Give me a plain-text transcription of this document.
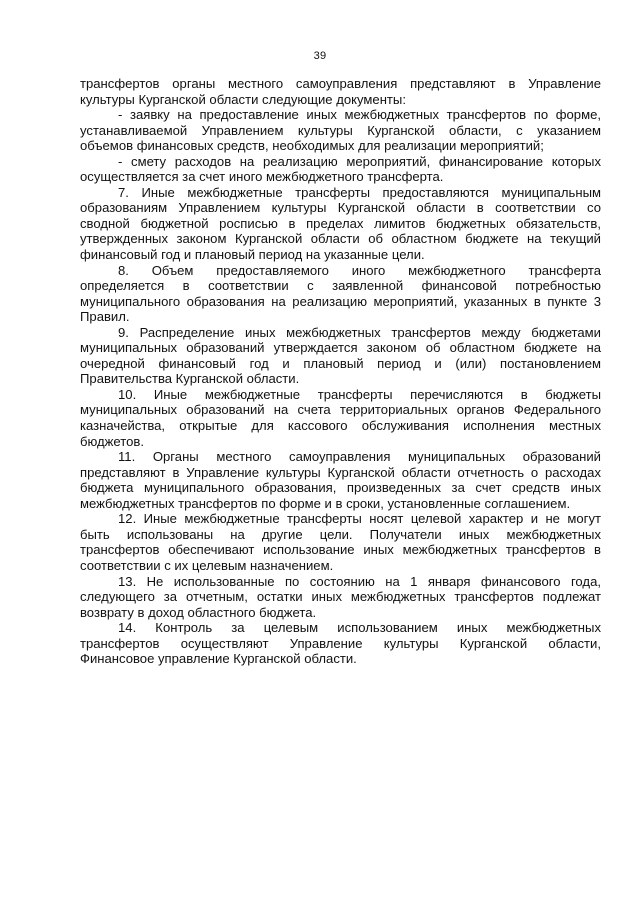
39
трансфертов органы местного самоуправления представляют в Управление
культуры Курганской области следующие документы:
- заявку на предоставление иных межбюджетных трансфертов по форме,
устанавливаемой Управлением культуры Курганской области, с указанием
объемов финансовых средств, необходимых для реализации мероприятий;
- смету расходов на реализацию мероприятий, финансирование которых
осуществляется за счет иного межбюджетного трансферта.
7. Иные межбюджетные трансферты предоставляются муниципальным
образованиям Управлением культуры Курганской области в соответствии со
сводной бюджетной росписью в пределах лимитов бюджетных обязательств,
утвержденных законом Курганской области об областном бюджете на текущий
финансовый год и плановый период на указанные цели.
8. Объем предоставляемого иного межбюджетного трансферта
определяется в соответствии с заявленной финансовой потребностью
муниципального образования на реализацию мероприятий, указанных в пункте 3
Правил.
9. Распределение иных межбюджетных трансфертов между бюджетами
муниципальных образований утверждается законом об областном бюджете на
очередной финансовый год и плановый период и (или) постановлением
Правительства Курганской области.
10. Иные межбюджетные трансферты перечисляются в бюджеты
муниципальных образований на счета территориальных органов Федерального
казначейства, открытые для кассового обслуживания исполнения местных
бюджетов.
11. Органы местного самоуправления муниципальных образований
представляют в Управление культуры Курганской области отчетность о расходах
бюджета муниципального образования, произведенных за счет средств иных
межбюджетных трансфертов по форме и в сроки, установленные соглашением.
12. Иные межбюджетные трансферты носят целевой характер и не могут
быть использованы на другие цели. Получатели иных межбюджетных
трансфертов обеспечивают использование иных межбюджетных трансфертов в
соответствии с их целевым назначением.
13. Не использованные по состоянию на 1 января финансового года,
следующего за отчетным, остатки иных межбюджетных трансфертов подлежат
возврату в доход областного бюджета.
14. Контроль за целевым использованием иных межбюджетных
трансфертов осуществляют Управление культуры Курганской области,
Финансовое управление Курганской области.
